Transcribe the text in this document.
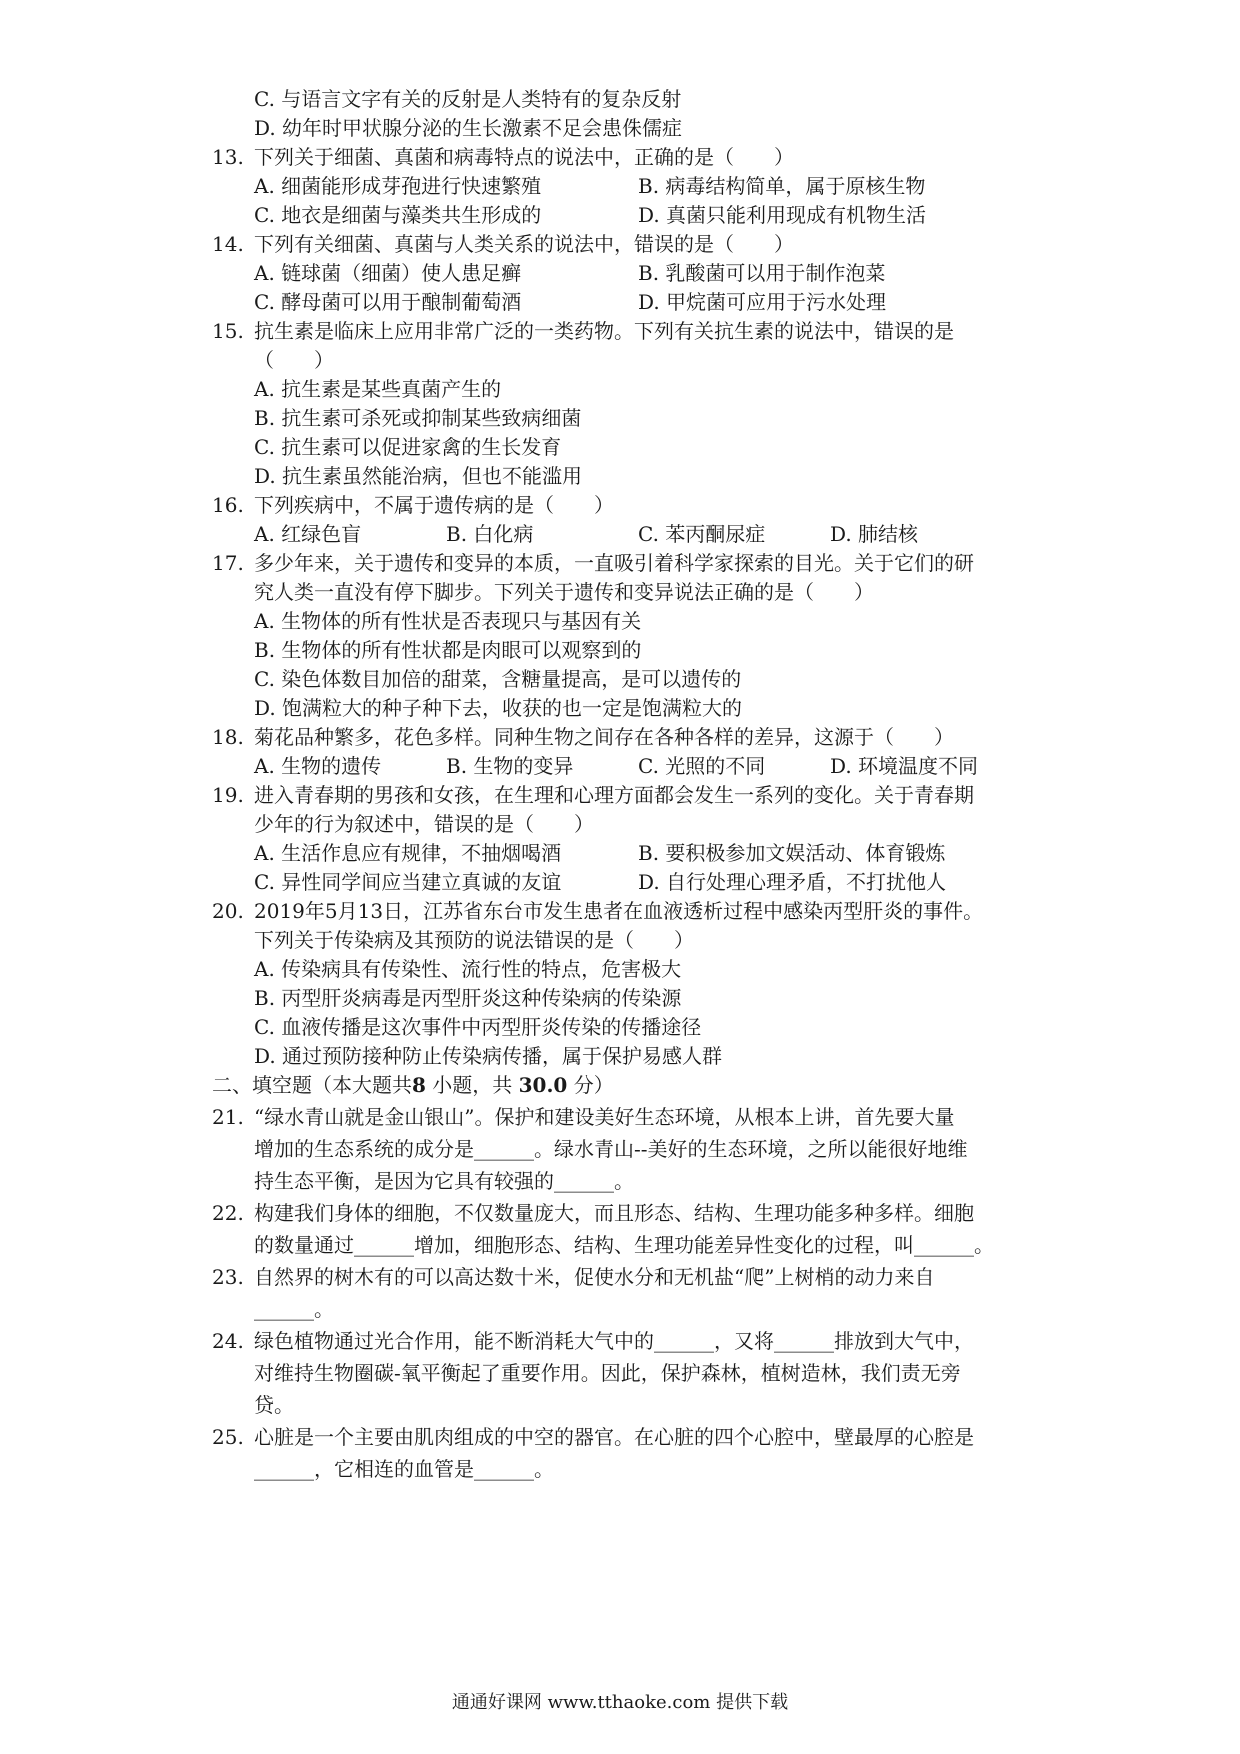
C. 与语言文字有关的反射是人类特有的复杂反射
D. 幼年时甲状腺分泌的生长激素不足会患侏儒症
13. 下列关于细菌、真菌和病毒特点的说法中，正确的是（　　）
A. 细菌能形成芽孢进行快速繁殖	B. 病毒结构简单，属于原核生物
C. 地衣是细菌与藻类共生形成的	D. 真菌只能利用现成有机物生活
14. 下列有关细菌、真菌与人类关系的说法中，错误的是（　　）
A. 链球菌（细菌）使人患足癣	B. 乳酸菌可以用于制作泡菜
C. 酵母菌可以用于酿制葡萄酒	D. 甲烷菌可应用于污水处理
15. 抗生素是临床上应用非常广泛的一类药物。下列有关抗生素的说法中，错误的是
（　　）
A. 抗生素是某些真菌产生的
B. 抗生素可杀死或抑制某些致病细菌
C. 抗生素可以促进家禽的生长发育
D. 抗生素虽然能治病，但也不能滥用
16. 下列疾病中，不属于遗传病的是（　　）
A. 红绿色盲	B. 白化病	C. 苯丙酮尿症	D. 肺结核
17. 多少年来，关于遗传和变异的本质，一直吸引着科学家探索的目光。关于它们的研
究人类一直没有停下脚步。下列关于遗传和变异说法正确的是（　　）
A. 生物体的所有性状是否表现只与基因有关
B. 生物体的所有性状都是肉眼可以观察到的
C. 染色体数目加倍的甜菜，含糖量提高，是可以遗传的
D. 饱满粒大的种子种下去，收获的也一定是饱满粒大的
18. 菊花品种繁多，花色多样。同种生物之间存在各种各样的差异，这源于（　　）
A. 生物的遗传	B. 生物的变异	C. 光照的不同	D. 环境温度不同
19. 进入青春期的男孩和女孩，在生理和心理方面都会发生一系列的变化。关于青春期
少年的行为叙述中，错误的是（　　）
A. 生活作息应有规律，不抽烟喝酒	B. 要积极参加文娱活动、体育锻炼
C. 异性同学间应当建立真诚的友谊	D. 自行处理心理矛盾，不打扰他人
20. 2019年5月13日，江苏省东台市发生患者在血液透析过程中感染丙型肝炎的事件。
下列关于传染病及其预防的说法错误的是（　　）
A. 传染病具有传染性、流行性的特点，危害极大
B. 丙型肝炎病毒是丙型肝炎这种传染病的传染源
C. 血液传播是这次事件中丙型肝炎传染的传播途径
D. 通过预防接种防止传染病传播，属于保护易感人群
二、填空题（本大题共8 小题，共 30.0 分）
21. “绿水青山就是金山银山”。保护和建设美好生态环境，从根本上讲，首先要大量
增加的生态系统的成分是______。绿水青山--美好的生态环境，之所以能很好地维
持生态平衡，是因为它具有较强的______。
22. 构建我们身体的细胞，不仅数量庞大，而且形态、结构、生理功能多种多样。细胞
的数量通过______增加，细胞形态、结构、生理功能差异性变化的过程，叫______。
23. 自然界的树木有的可以高达数十米，促使水分和无机盐“爬”上树梢的动力来自
______。
24. 绿色植物通过光合作用，能不断消耗大气中的______，又将______排放到大气中，
对维持生物圈碳-氧平衡起了重要作用。因此，保护森林，植树造林，我们责无旁
贷。
25. 心脏是一个主要由肌肉组成的中空的器官。在心脏的四个心腔中，壁最厚的心腔是
______，它相连的血管是______。
通通好课网 www.tthaoke.com 提供下载
